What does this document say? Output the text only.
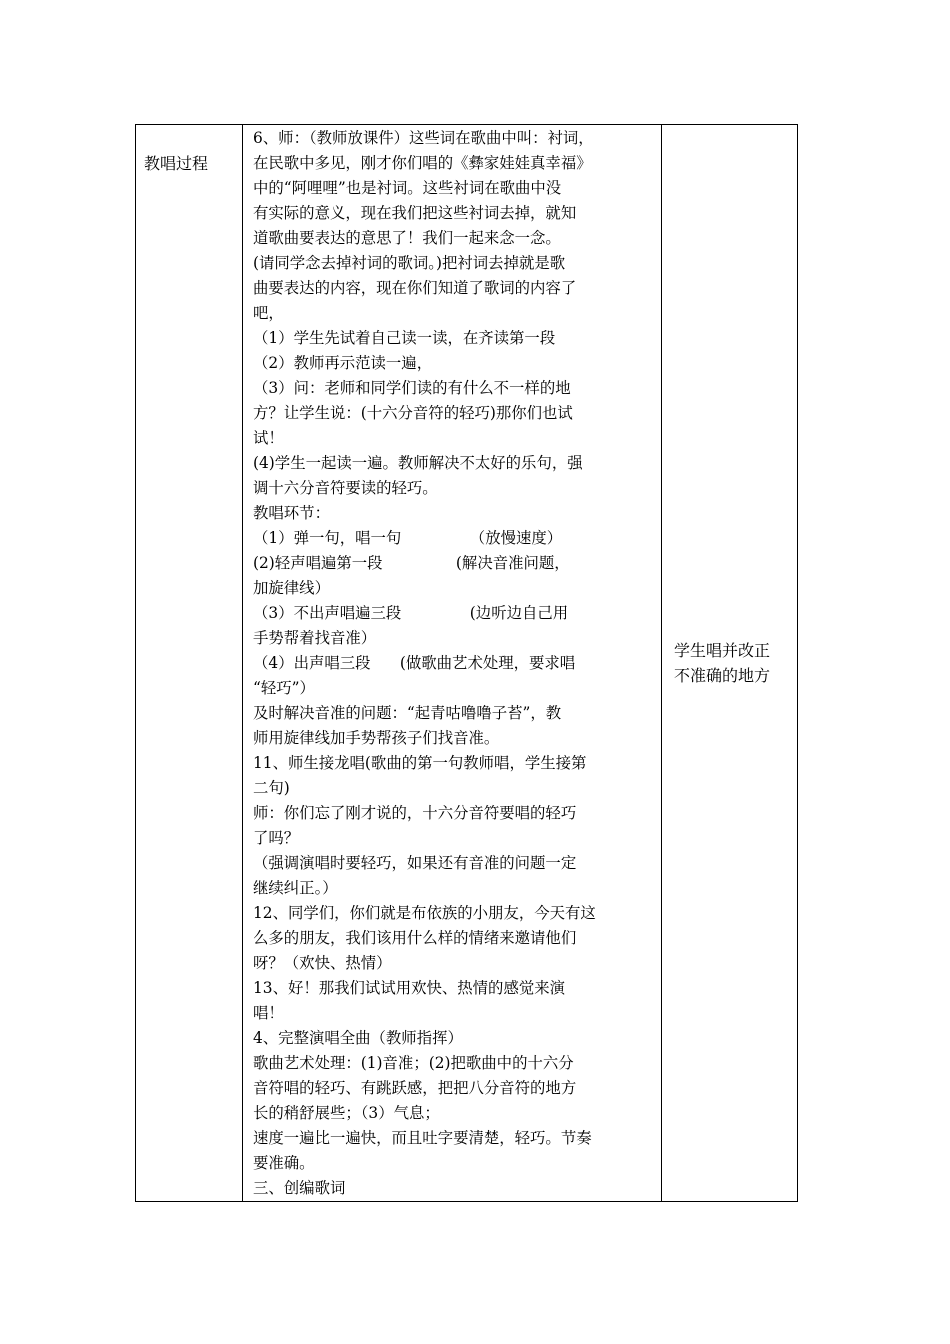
教唱过程

6、师：（教师放课件）这些词在歌曲中叫：衬词，
在民歌中多见，刚才你们唱的《彝家娃娃真幸福》
中的“阿哩哩”也是衬词。这些衬词在歌曲中没
有实际的意义，现在我们把这些衬词去掉，就知
道歌曲要表达的意思了！我们一起来念一念。
(请同学念去掉衬词的歌词。)把衬词去掉就是歌
曲要表达的内容，现在你们知道了歌词的内容了
吧，
（1）学生先试着自己读一读，在齐读第一段
（2）教师再示范读一遍，
（3）问：老师和同学们读的有什么不一样的地
方？让学生说：(十六分音符的轻巧)那你们也试
试！
(4)学生一起读一遍。教师解决不太好的乐句，强
调十六分音符要读的轻巧。
教唱环节：
（1）弹一句，唱一句              （放慢速度）
(2)轻声唱遍第一段               (解决音准问题，
加旋律线）
（3）不出声唱遍三段              (边听边自己用
手势帮着找音准）
（4）出声唱三段      (做歌曲艺术处理，要求唱
“轻巧”）
及时解决音准的问题：“起青咕噜噜子苔”，教
师用旋律线加手势帮孩子们找音准。
11、师生接龙唱(歌曲的第一句教师唱，学生接第
二句)
师：你们忘了刚才说的，十六分音符要唱的轻巧
了吗？
（强调演唱时要轻巧，如果还有音准的问题一定
继续纠正。）
12、同学们，你们就是布依族的小朋友，今天有这
么多的朋友，我们该用什么样的情绪来邀请他们
呀？（欢快、热情）
13、好！那我们试试用欢快、热情的感觉来演
唱！
4、完整演唱全曲（教师指挥）
歌曲艺术处理：(1)音准；(2)把歌曲中的十六分
音符唱的轻巧、有跳跃感，把把八分音符的地方
长的稍舒展些；（3）气息；
速度一遍比一遍快，而且吐字要清楚，轻巧。节奏
要准确。
三、创编歌词

学生唱并改正
不准确的地方
